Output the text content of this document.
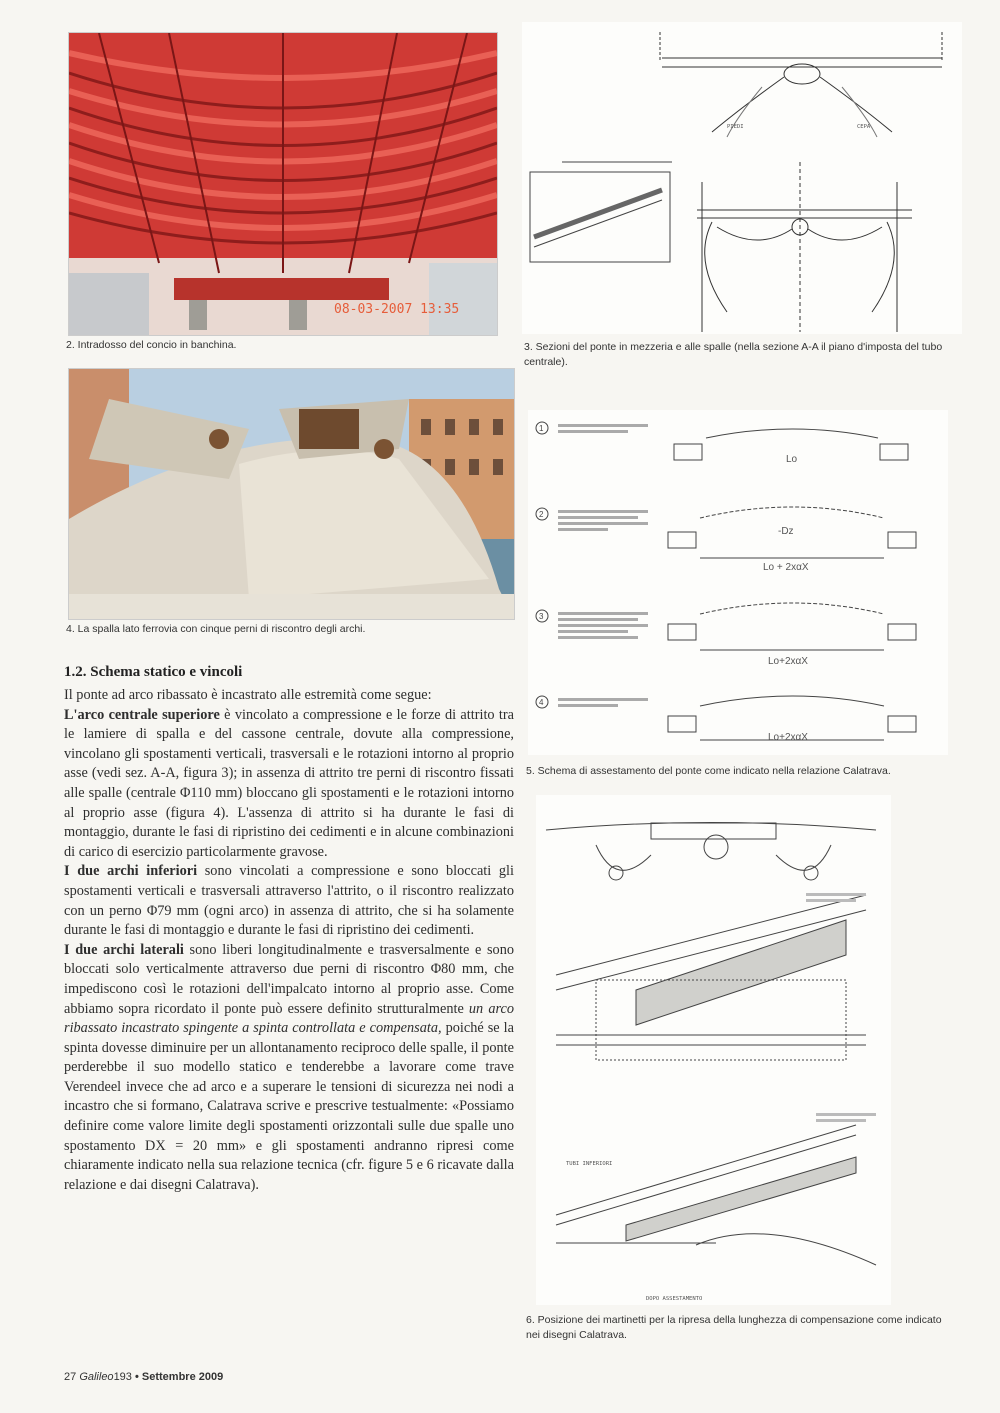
08-03-2007 13:35
2. Intradosso del concio in banchina.
4. La spalla lato ferrovia con cinque perni di riscontro degli archi.
PIEDI	CEPA
3. Sezioni del ponte in mezzeria e alle spalle (nella sezione A-A il piano d'imposta del tubo centrale).
Lo
-Dz
Lo + 2xαX
Lo+2xαX
Lo+2xαX
1
2
3
4
5. Schema di assestamento del ponte come indicato nella relazione Calatrava.
TUBI INFERIORI
DOPO ASSESTAMENTO
6. Posizione dei martinetti per la ripresa della lunghezza di compensazione come indicato nei disegni Calatrava.
1.2. Schema statico e vincoli

Il ponte ad arco ribassato è incastrato alle estremità come segue:

L'arco centrale superiore è vincolato a compressione e le forze di attrito tra le lamiere di spalla e del cassone centrale, dovute alla compressione, vincolano gli spostamenti verticali, trasversali e le rotazioni intorno al proprio asse (vedi sez. A-A, figura 3); in assenza di attrito tre perni di riscontro fissati alle spalle (centrale Φ110 mm) bloccano gli spostamenti e le rotazioni intorno al proprio asse (figura 4). L'assenza di attrito si ha durante le fasi di montaggio, durante le fasi di ripristino dei cedimenti e in alcune combinazioni di carico di esercizio particolarmente gravose.

I due archi inferiori sono vincolati a compressione e sono bloccati gli spostamenti verticali e trasversali attraverso l'attrito, o il riscontro realizzato con un perno Φ79 mm (ogni arco) in assenza di attrito, che si ha solamente durante le fasi di montaggio e durante le fasi di ripristino dei cedimenti.

I due archi laterali sono liberi longitudinalmente e trasversalmente e sono bloccati solo verticalmente attraverso due perni di riscontro Φ80 mm, che impediscono così le rotazioni dell'impalcato intorno al proprio asse. Come abbiamo sopra ricordato il ponte può essere definito strutturalmente un arco ribassato incastrato spingente a spinta controllata e compensata, poiché se la spinta dovesse diminuire per un allontanamento reciproco delle spalle, il ponte perderebbe il suo modello statico e tenderebbe a lavorare come trave Verendeel invece che ad arco e a superare le tensioni di sicurezza nei nodi a incastro che si formano, Calatrava scrive e prescrive testualmente: «Possiamo definire come valore limite degli spostamenti orizzontali sulle due spalle uno spostamento DX = 20 mm» e gli spostamenti andranno ripresi come chiaramente indicato nella sua relazione tecnica (cfr. figure 5 e 6 ricavate dalla relazione e dai disegni Calatrava).

27 Galileo193 • Settembre 2009
